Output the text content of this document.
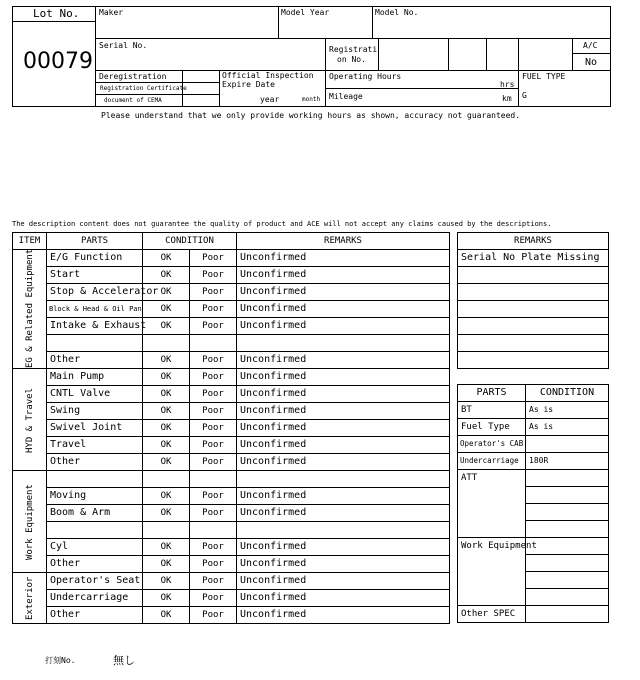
Lot No.
00079
Maker	Model Year	Model No.
Serial No.	Registrati
on No.
A/C
No
Deregistration
Registration Certificate
document of CEMA
Official Inspection
Expire Date
year	month
Operating Hours
hrs
Mileage	km
FUEL TYPE
G
Please understand that we only provide working hours as shown, accuracy not guaranteed.
The description content does not guarantee the quality of product and ACE will not accept any claims caused by the descriptions.
ITEM	PARTS	CONDITION		REMARKS
EG & Related Equipment	E/G Function	OK	Poor	Unconfirmed
	Start	OK	Poor	Unconfirmed
	Stop & Accelerator	OK	Poor	Unconfirmed
	Block & Head & Oil Pan	OK	Poor	Unconfirmed
	Intake & Exhaust	OK	Poor	Unconfirmed

	Other	OK	Poor	Unconfirmed
HYD & Travel	Main Pump	OK	Poor	Unconfirmed
	CNTL Valve	OK	Poor	Unconfirmed
	Swing	OK	Poor	Unconfirmed
	Swivel Joint	OK	Poor	Unconfirmed
	Travel	OK	Poor	Unconfirmed
	Other	OK	Poor	Unconfirmed
Work Equipment				
	Moving	OK	Poor	Unconfirmed
	Boom & Arm	OK	Poor	Unconfirmed

	Cyl	OK	Poor	Unconfirmed
	Other	OK	Poor	Unconfirmed
Exterior	Operator's Seat	OK	Poor	Unconfirmed
	Undercarriage	OK	Poor	Unconfirmed
	Other	OK	Poor	Unconfirmed
REMARKS
Serial No Plate Missing

PARTS	CONDITION
BT	As is
Fuel Type	As is
Operator's CAB	
Undercarriage	180R
ATT	

Work Equipment	

Other SPEC	
打刻No.	無し
